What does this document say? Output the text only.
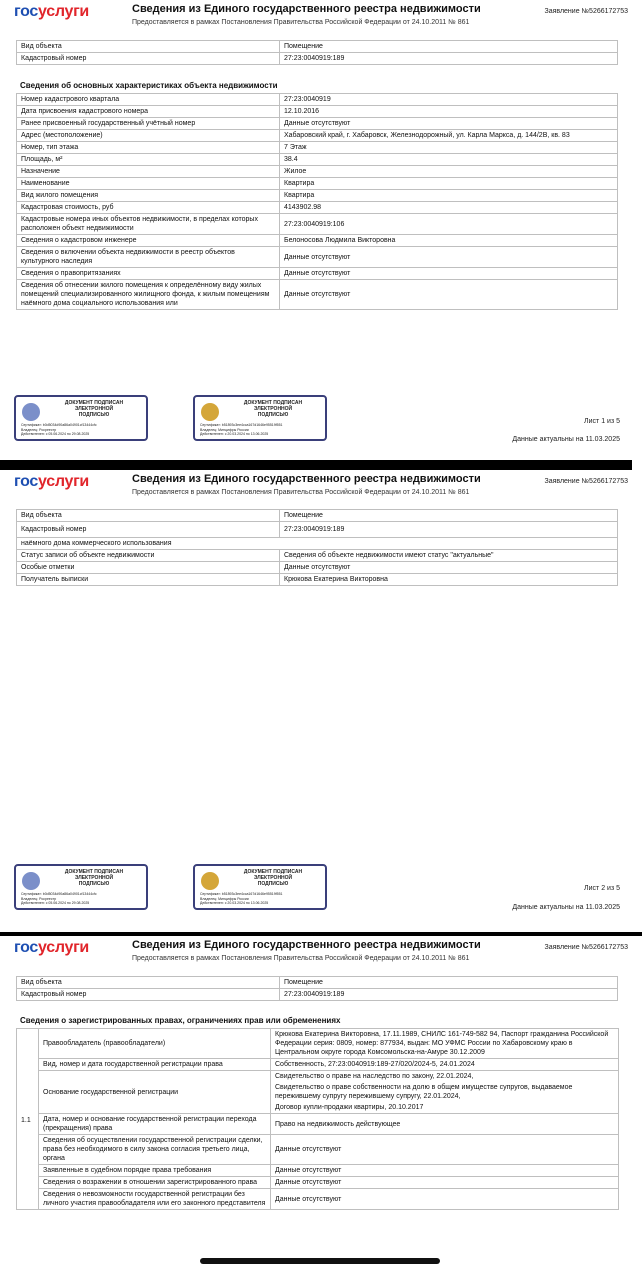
госуслуги	Сведения из Единого государственного реестра недвижимости
Предоставляется в рамках Постановления Правительства Российской Федерации от 24.10.2011 № 861
Заявление №5266172753
Вид объекта	Помещение
Кадастровый номер	27:23:0040919:189
Сведения об основных характеристиках объекта недвижимости
Номер кадастрового квартала	27:23:0040919
Дата присвоения кадастрового номера	12.10.2016
Ранее присвоенный государственный учётный номер	Данные отсутствуют
Адрес (местоположение)	Хабаровский край, г. Хабаровск, Железнодорожный, ул. Карла Маркса, д. 144/2В, кв. 83
Номер, тип этажа	7 Этаж
Площадь, м²	38.4
Назначение	Жилое
Наименование	Квартира
Вид жилого помещения	Квартира
Кадастровая стоимость, руб	4143902.98
Кадастровые номера иных объектов недвижимости, в пределах которых расположен объект недвижимости	27:23:0040919:106
Сведения о кадастровом инженере	Белоносова Людмила Викторовна
Сведения о включении объекта недвижимости в реестр объектов культурного наследия	Данные отсутствуют
Сведения о правопритязаниях	Данные отсутствуют
Сведения об отнесении жилого помещения к определённому виду жилых помещений специализированного жилищного фонда, к жилым помещениям наёмного дома социального использования или	Данные отсутствуют
ДОКУМЕНТ ПОДПИСАН
ЭЛЕКТРОННОЙ
ПОДПИСЬЮ
Сертификат: b0d5034d90a86a04901cf13444cfc
Владелец: Росреестр
Действителен: с 05.06.2024 по 29.08.2025
ДОКУМЕНТ ПОДПИСАН
ЭЛЕКТРОННОЙ
ПОДПИСЬЮ
Сертификат: b51893c3ee4cca167d1646e95519f551
Владелец: Минцифры России
Действителен: с 20.03.2024 по 13.06.2025
Лист 1 из 5
Данные актуальны на 11.03.2025
госуслуги	Сведения из Единого государственного реестра недвижимости
Предоставляется в рамках Постановления Правительства Российской Федерации от 24.10.2011 № 861
Заявление №5266172753
Вид объекта	Помещение
Кадастровый номер	27:23:0040919:189
наёмного дома коммерческого использования	
Статус записи об объекте недвижимости	Сведения об объекте недвижимости имеют статус "актуальные"
Особые отметки	Данные отсутствуют
Получатель выписки	Крюкова Екатерина Викторовна
ДОКУМЕНТ ПОДПИСАН
ЭЛЕКТРОННОЙ
ПОДПИСЬЮ
Сертификат: b0d5034d90a86a04901cf13444cfc
Владелец: Росреестр
Действителен: с 05.06.2024 по 29.08.2025
ДОКУМЕНТ ПОДПИСАН
ЭЛЕКТРОННОЙ
ПОДПИСЬЮ
Сертификат: b51893c3ee4cca167d1646e95519f551
Владелец: Минцифры России
Действителен: с 20.03.2024 по 13.06.2025
Лист 2 из 5
Данные актуальны на 11.03.2025
госуслуги	Сведения из Единого государственного реестра недвижимости
Предоставляется в рамках Постановления Правительства Российской Федерации от 24.10.2011 № 861
Заявление №5266172753
Вид объекта	Помещение
Кадастровый номер	27:23:0040919:189
Сведения о зарегистрированных правах, ограничениях прав или обременениях
1.1	Правообладатель (правообладатели)	Крюкова Екатерина Викторовна, 17.11.1989, СНИЛС 161-749-582 94, Паспорт гражданина Российской Федерации серия: 0809, номер: 877934, выдан: МО УФМС России по Хабаровскому краю в Центральном округе города Комсомольска-на-Амуре 30.12.2009

	Вид, номер и дата государственной регистрации права	Собственность, 27:23:0040919:189-27/020/2024-5, 24.01.2024

	Основание государственной регистрации	Свидетельство о праве на наследство по закону, 22.01.2024,
Свидетельство о праве собственности на долю в общем имуществе супругов, выдаваемое пережившему супругу пережившему супругу, 22.01.2024,
Договор купли-продажи квартиры, 20.10.2017

	Дата, номер и основание государственной регистрации перехода (прекращения) права	Право на недвижимость действующее

	Сведения об осуществлении государственной регистрации сделки, права без необходимого в силу закона согласия третьего лица, органа	Данные отсутствуют

	Заявленные в судебном порядке права требования	Данные отсутствуют

	Сведения о возражении в отношении зарегистрированного права	Данные отсутствуют

	Сведения о невозможности государственной регистрации без личного участия правообладателя или его законного представителя	Данные отсутствуют
